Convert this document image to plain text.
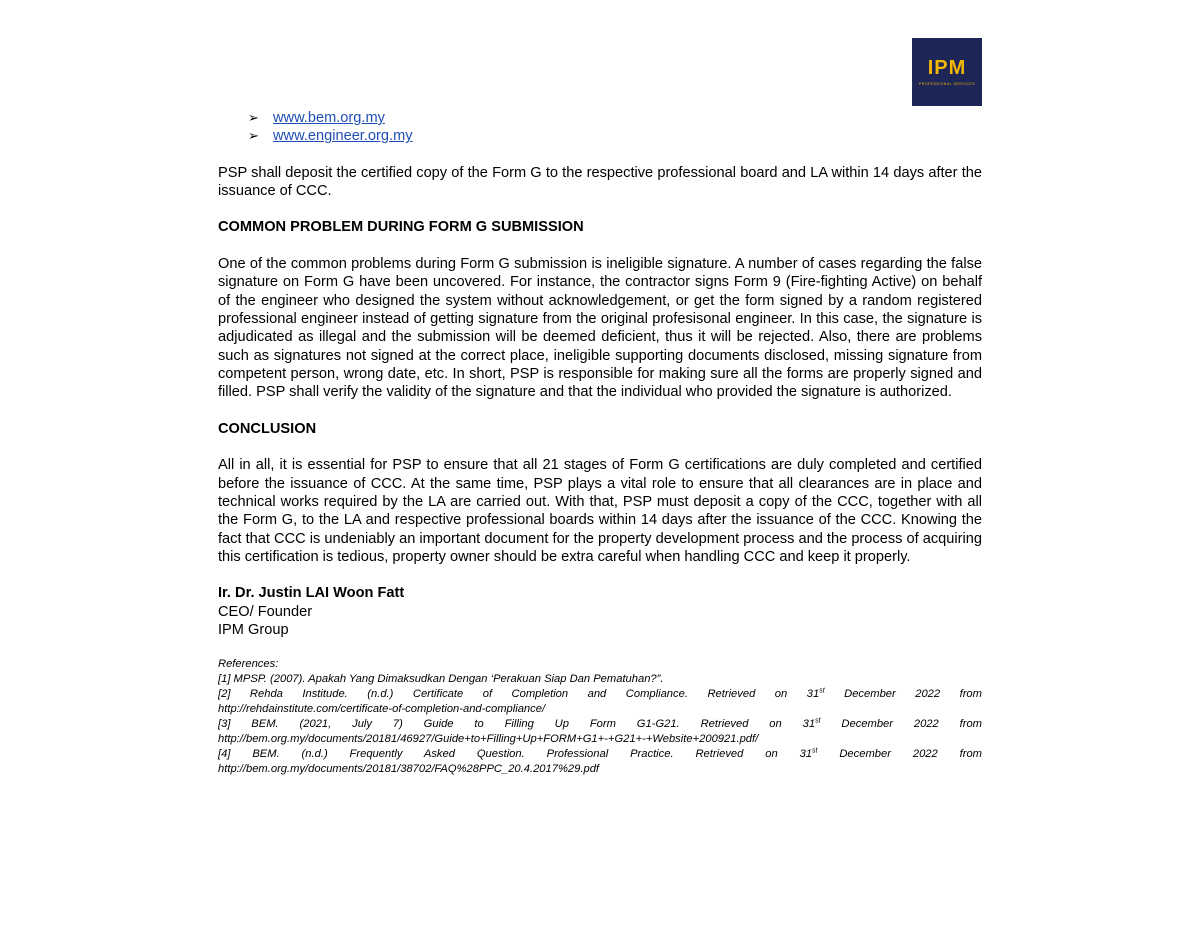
IPM
PROFESSIONAL SERVICES
➢ www.bem.org.my
➢ www.engineer.org.my

PSP shall deposit the certified copy of the Form G to the respective professional board and LA within 14 days after the issuance of CCC.

COMMON PROBLEM DURING FORM G SUBMISSION

One of the common problems during Form G submission is ineligible signature. A number of cases regarding the false signature on Form G have been uncovered. For instance, the contractor signs Form 9 (Fire-fighting Active) on behalf of the engineer who designed the system without acknowledgement, or get the form signed by a random registered professional engineer instead of getting signature from the original profesisonal engineer. In this case, the signature is adjudicated as illegal and the submission will be deemed deficient, thus it will be rejected. Also, there are problems such as signatures not signed at the correct place, ineligible supporting documents disclosed, missing signature from competent person, wrong date, etc. In short, PSP is responsible for making sure all the forms are properly signed and filled. PSP shall verify the validity of the signature and that the individual who provided the signature is authorized.

CONCLUSION

All in all, it is essential for PSP to ensure that all 21 stages of Form G certifications are duly completed and certified before the issuance of CCC. At the same time, PSP plays a vital role to ensure that all clearances are in place and technical works required by the LA are carried out. With that, PSP must deposit a copy of the CCC, together with all the Form G, to the LA and respective professional boards within 14 days after the issuance of the CCC. Knowing the fact that CCC is undeniably an important document for the property development process and the process of acquiring this certification is tedious, property owner should be extra careful when handling CCC and keep it properly.

Ir. Dr. Justin LAI Woon Fatt
CEO/ Founder
IPM Group
References:
[1] MPSP. (2007). Apakah Yang Dimaksudkan Dengan ‘Perakuan Siap Dan Pematuhan?”.
[2] Rehda Institude. (n.d.) Certificate of Completion and Compliance. Retrieved on 31st December 2022 from
http://rehdainstitute.com/certificate-of-completion-and-compliance/
[3] BEM. (2021, July 7) Guide to Filling Up Form G1-G21. Retrieved on 31st December 2022 from
http://bem.org.my/documents/20181/46927/Guide+to+Filling+Up+FORM+G1+-+G21+-+Website+200921.pdf/
[4] BEM. (n.d.) Frequently Asked Question. Professional Practice. Retrieved on 31st December 2022 from
http://bem.org.my/documents/20181/38702/FAQ%28PPC_20.4.2017%29.pdf
